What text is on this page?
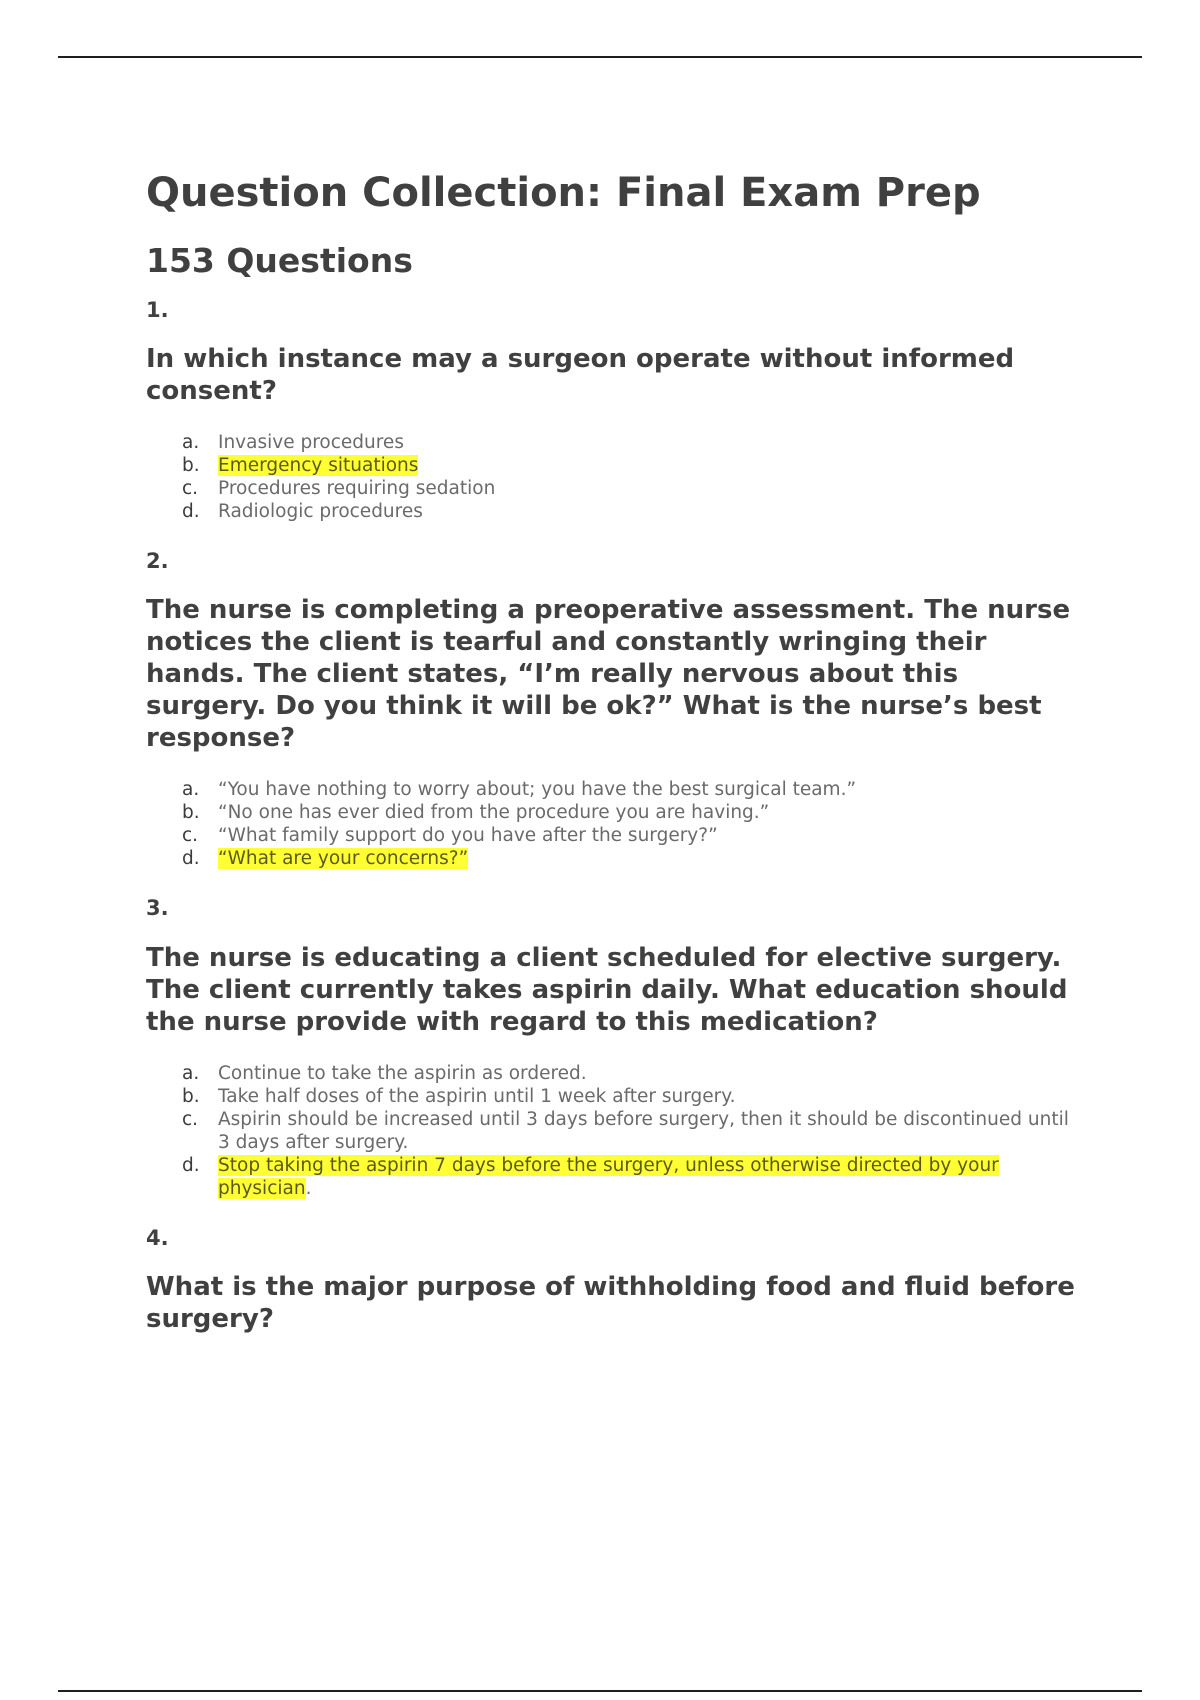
Question Collection: Final Exam Prep
153 Questions
1.
In which instance may a surgeon operate without informed consent?
a.	Invasive procedures
b. Emergency situations
c.	Procedures requiring sedation
d. Radiologic procedures
2.
The nurse is completing a preoperative assessment. The nurse notices the client is tearful and constantly wringing their hands. The client states, “I’m really nervous about this surgery. Do you think it will be ok?” What is the nurse’s best response?
a.	“You have nothing to worry about; you have the best surgical team.”
b. “No one has ever died from the procedure you are having.”
c.	“What family support do you have after the surgery?”
d. “What are your concerns?”
3.
The nurse is educating a client scheduled for elective surgery. The client currently takes aspirin daily. What education should the nurse provide with regard to this medication?
a.	Continue to take the aspirin as ordered.
b. Take half doses of the aspirin until 1 week after surgery.
c.	Aspirin should be increased until 3 days before surgery, then it should be discontinued until 3 days after surgery.
d. Stop taking the aspirin 7 days before the surgery, unless otherwise directed by your physician.
4.
What is the major purpose of withholding food and fluid before surgery?
